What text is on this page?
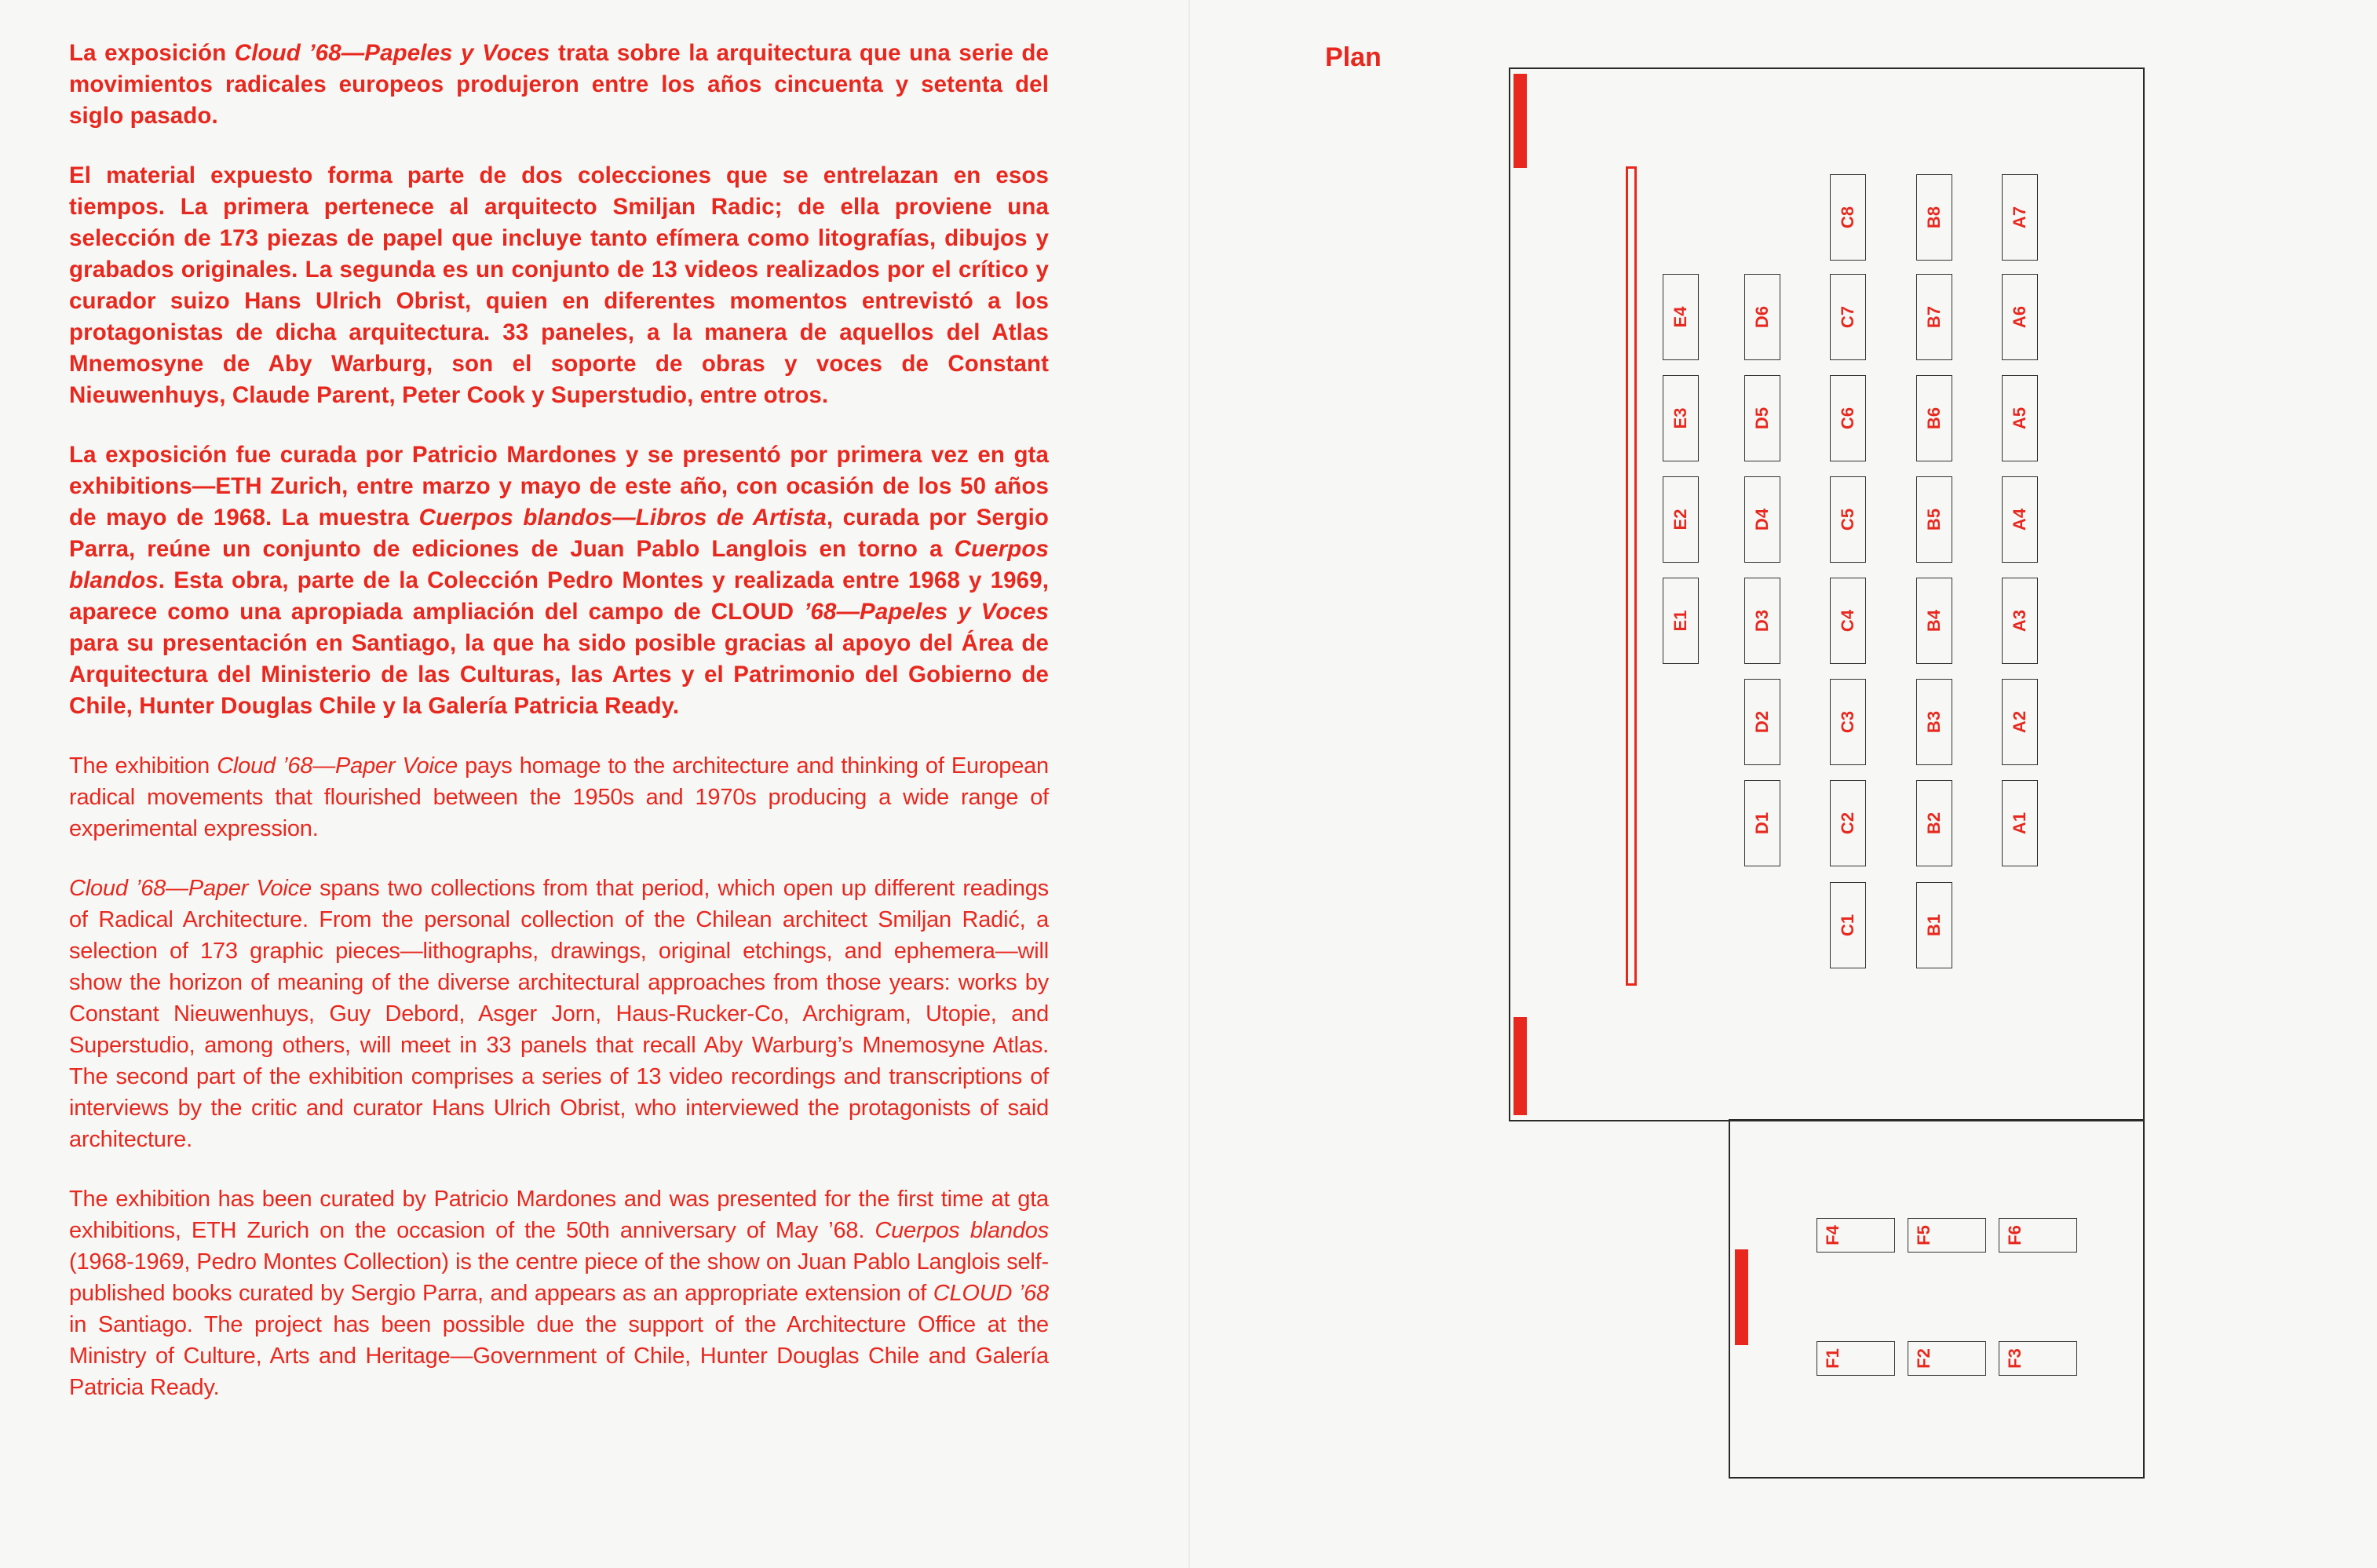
La exposición Cloud ’68—Papeles y Voces trata sobre la arquitectura que una serie de movimientos radicales europeos produjeron entre los años cincuenta y setenta del siglo pasado.

El material expuesto forma parte de dos colecciones que se entrelazan en esos tiempos. La primera pertenece al arquitecto Smiljan Radic; de ella proviene una selección de 173 piezas de papel que incluye tanto efímera como litografías, dibujos y grabados originales. La segunda es un conjunto de 13 videos realizados por el crítico y curador suizo Hans Ulrich Obrist, quien en diferentes momentos entrevistó a los protagonistas de dicha arquitectura. 33 paneles, a la manera de aquellos del Atlas Mnemosyne de Aby Warburg, son el soporte de obras y voces de Constant Nieuwenhuys, Claude Parent, Peter Cook y Superstudio, entre otros.

La exposición fue curada por Patricio Mardones y se presentó por primera vez en gta exhibitions—ETH Zurich, entre marzo y mayo de este año, con ocasión de los 50 años de mayo de 1968. La muestra Cuerpos blandos—Libros de Artista, curada por Sergio Parra, reúne un conjunto de ediciones de Juan Pablo Langlois en torno a Cuerpos blandos. Esta obra, parte de la Colección Pedro Montes y realizada entre 1968 y 1969, aparece como una apropiada ampliación del campo de CLOUD ’68—Papeles y Voces para su presentación en Santiago, la que ha sido posible gracias al apoyo del Área de Arquitectura del Ministerio de las Culturas, las Artes y el Patrimonio del Gobierno de Chile, Hunter Douglas Chile y la Galería Patricia Ready.

The exhibition Cloud ’68—Paper Voice pays homage to the architecture and thinking of European radical movements that flourished between the 1950s and 1970s producing a wide range of experimental expression.

Cloud ’68—Paper Voice spans two collections from that period, which open up different readings of Radical Architecture. From the personal collection of the Chilean architect Smiljan Radić, a selection of 173 graphic pieces—lithographs, drawings, original etchings, and ephemera—will show the horizon of meaning of the diverse architectural approaches from those years: works by Constant Nieuwenhuys, Guy Debord, Asger Jorn, Haus-Rucker-Co, Archigram, Utopie, and Superstudio, among others, will meet in 33 panels that recall Aby Warburg’s Mnemosyne Atlas. The second part of the exhibition comprises a series of 13 video recordings and transcriptions of interviews by the critic and curator Hans Ulrich Obrist, who interviewed the protagonists of said architecture.

The exhibition has been curated by Patricio Mardones and was presented for the first time at gta exhibitions, ETH Zurich on the occasion of the 50th anniversary of May ’68. Cuerpos blandos (1968-1969, Pedro Montes Collection) is the centre piece of the show on Juan Pablo Langlois self-published books curated by Sergio Parra, and appears as an appropriate extension of CLOUD ’68 in Santiago. The project has been possible due the support of the Architecture Office at the Ministry of Culture, Arts and Heritage—Government of Chile, Hunter Douglas Chile and Galería Patricia Ready.

Plan
A7
A6
A5
A4
A3
A2
A1
B8
B7
B6
B5
B4
B3
B2
B1
C8
C7
C6
C5
C4
C3
C2
C1
D6
D5
D4
D3
D2
D1
E4
E3
E2
E1
F4	F5	F6
F1	F2	F3
